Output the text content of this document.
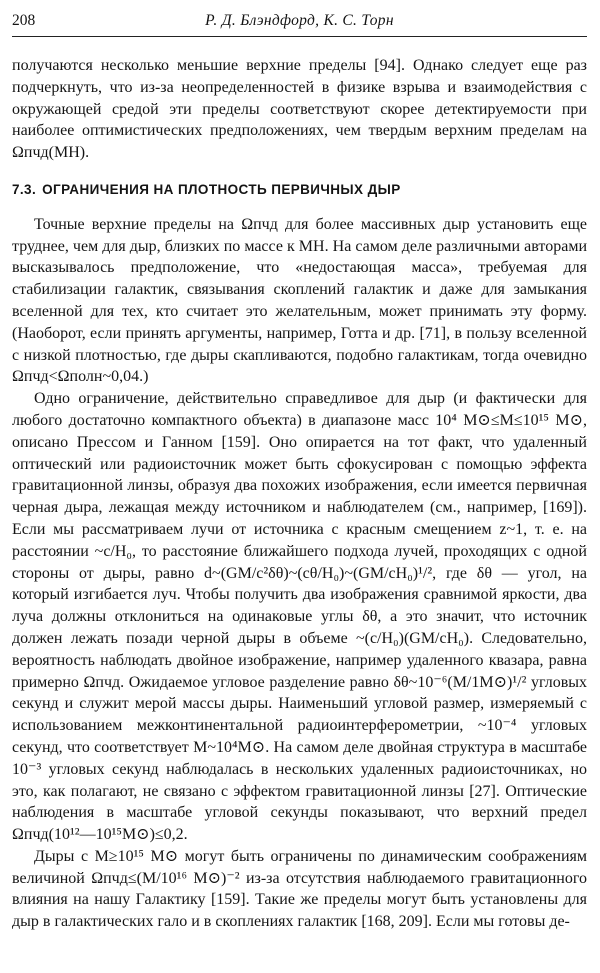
208	Р. Д. Блэндфорд, К. С. Торн

получаются несколько меньшие верхние пределы [94]. Однако следует еще раз подчеркнуть, что из-за неопределенностей в физике взрыва и взаимодействия с окружающей средой эти пределы соответствуют скорее детектируемости при наиболее оптимистических предположениях, чем твердым верхним пределам на Ωпчд(MH).

7.3. ОГРАНИЧЕНИЯ НА ПЛОТНОСТЬ ПЕРВИЧНЫХ ДЫР

Точные верхние пределы на Ωпчд для более массивных дыр установить еще труднее, чем для дыр, близких по массе к MH. На самом деле различными авторами высказывалось предположение, что «недостающая масса», требуемая для стабилизации галактик, связывания скоплений галактик и даже для замыкания вселенной для тех, кто считает это желательным, может принимать эту форму. (Наоборот, если принять аргументы, например, Готта и др. [71], в пользу вселенной с низкой плотностью, где дыры скапливаются, подобно галактикам, тогда очевидно Ωпчд<Ωполн~0,04.)

Одно ограничение, действительно справедливое для дыр (и фактически для любого достаточно компактного объекта) в диапазоне масс 10⁴ M⊙≤M≤10¹⁵ M⊙, описано Прессом и Ганном [159]. Оно опирается на тот факт, что удаленный оптический или радиоисточник может быть сфокусирован с помощью эффекта гравитационной линзы, образуя два похожих изображения, если имеется первичная черная дыра, лежащая между источником и наблюдателем (см., например, [169]). Если мы рассматриваем лучи от источника с красным смещением z~1, т. е. на расстоянии ~c/H₀, то расстояние ближайшего подхода лучей, проходящих с одной стороны от дыры, равно d~(GM/c²δθ)~(cθ/H₀)~(GM/cH₀)¹/², где δθ — угол, на который изгибается луч. Чтобы получить два изображения сравнимой яркости, два луча должны отклониться на одинаковые углы δθ, а это значит, что источник должен лежать позади черной дыры в объеме ~(c/H₀)(GM/cH₀). Следовательно, вероятность наблюдать двойное изображение, например удаленного квазара, равна примерно Ωпчд. Ожидаемое угловое разделение равно δθ~10⁻⁶(M/1M⊙)¹/² угловых секунд и служит мерой массы дыры. Наименьший угловой размер, измеряемый с использованием межконтинентальной радиоинтерферометрии, ~10⁻⁴ угловых секунд, что соответствует M~10⁴M⊙. На самом деле двойная структура в масштабе 10⁻³ угловых секунд наблюдалась в нескольких удаленных радиоисточниках, но это, как полагают, не связано с эффектом гравитационной линзы [27]. Оптические наблюдения в масштабе угловой секунды показывают, что верхний предел Ωпчд(10¹²—10¹⁵M⊙)≤0,2.

Дыры с M≥10¹⁵ M⊙ могут быть ограничены по динамическим соображениям величиной Ωпчд≤(M/10¹⁶ M⊙)⁻² из-за отсутствия наблюдаемого гравитационного влияния на нашу Галактику [159]. Такие же пределы могут быть установлены для дыр в галактических гало и в скоплениях галактик [168, 209]. Если мы готовы де-
